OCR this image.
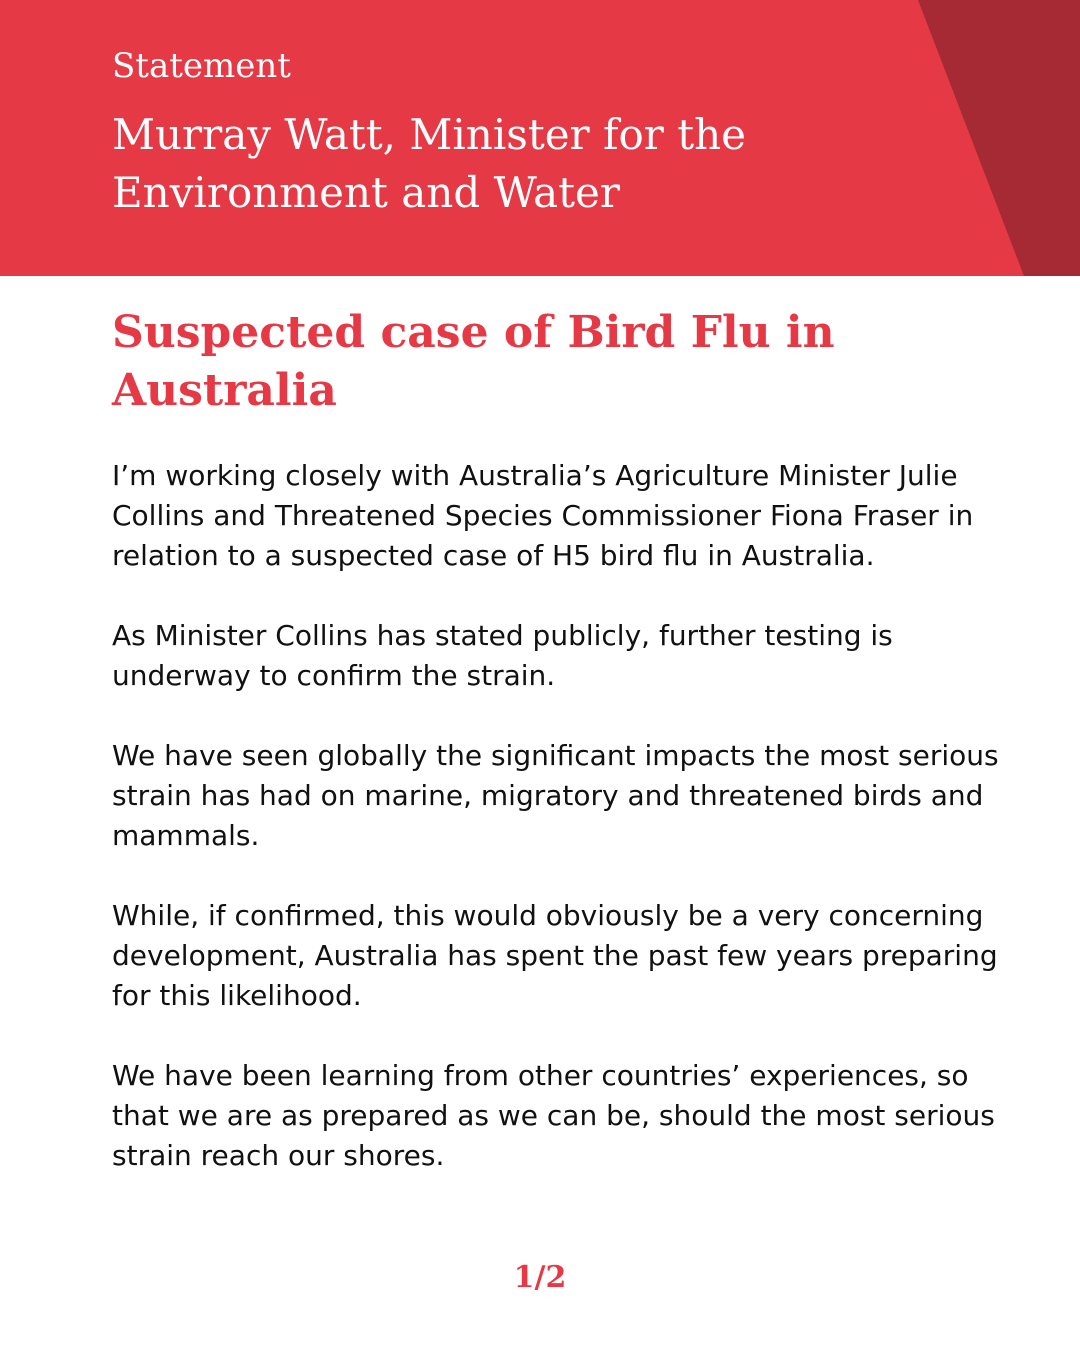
Statement

Murray Watt, Minister for the Environment and Water
Suspected case of Bird Flu in Australia

I’m working closely with Australia’s Agriculture Minister Julie Collins and Threatened Species Commissioner Fiona Fraser in relation to a suspected case of H5 bird flu in Australia.

As Minister Collins has stated publicly, further testing is underway to confirm the strain.

We have seen globally the significant impacts the most serious strain has had on marine, migratory and threatened birds and mammals.

While, if confirmed, this would obviously be a very concerning development, Australia has spent the past few years preparing for this likelihood.

We have been learning from other countries’ experiences, so that we are as prepared as we can be, should the most serious strain reach our shores.

1/2
